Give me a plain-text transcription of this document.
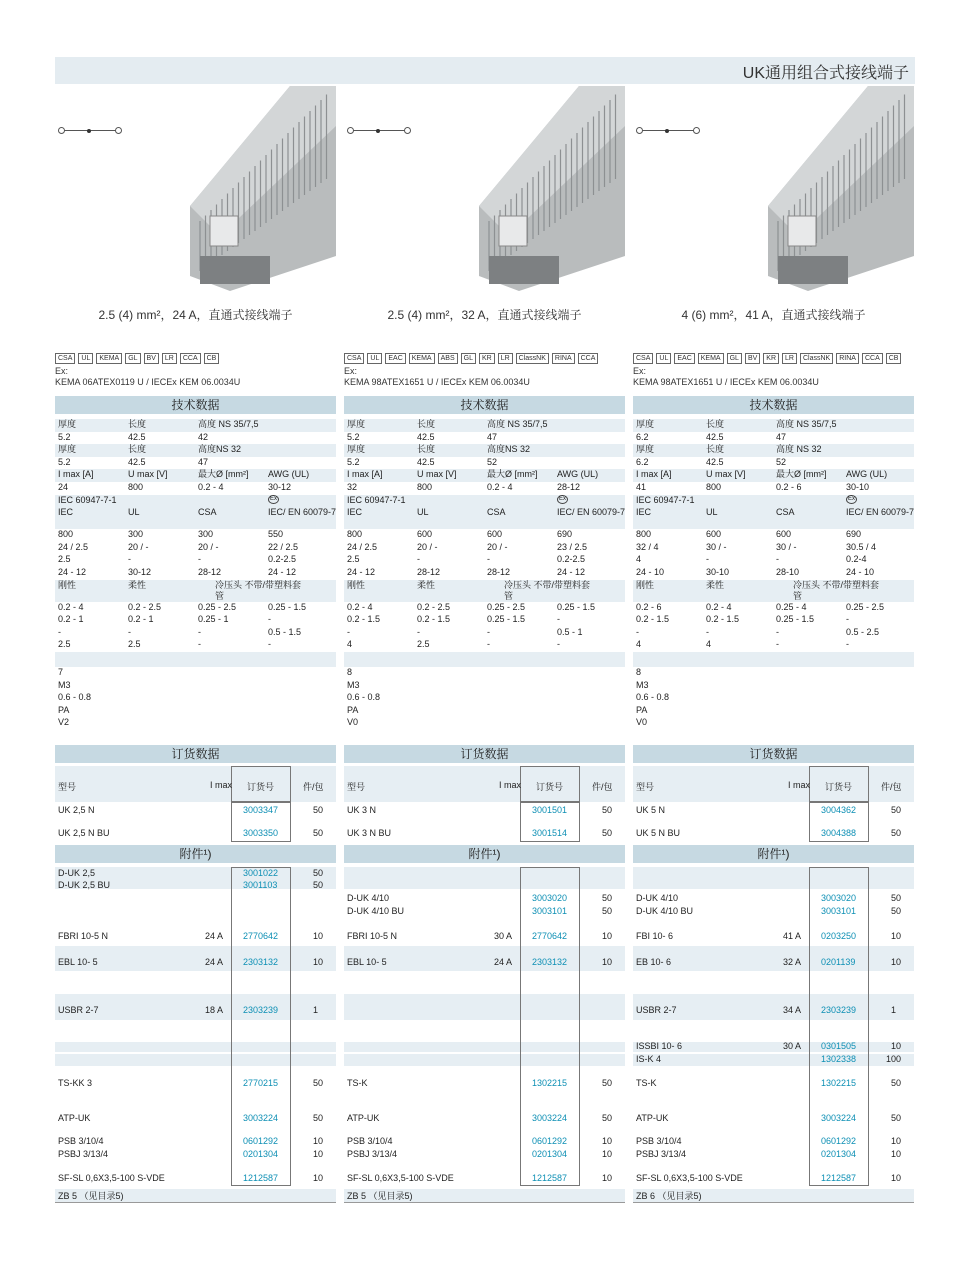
UK通用组合式接线端子
2.5 (4) mm²，24 A，直通式接线端子
CSA UL KEMA GL BV LR CCA CB
Ex:
KEMA 06ATEX0119 U / IECEx KEM 06.0034U
技术数据
厚度	长度	高度 NS 35/7,5
5.2	42.5	42
厚度	长度	高度NS 32
5.2	42.5	47
I max [A]	U max [V]	最大Ø [mm²] AWG (UL)
24	800	0.2 - 4	30-12
IEC 60947-7-1	Ex
IEC	UL	CSA	IEC/ EN 60079-7
800	300	300	550
24 / 2.5	20 / -	20 / -	22 / 2.5
2.5	-	-	0.2-2.5
24 - 12	30-12	28-12	24 - 12
刚性	柔性	冷压头 不带/带塑料套管
0.2 - 4	0.2 - 2.5	0.25 - 2.5	0.25 - 1.5
0.2 - 1	0.2 - 1	0.25 - 1	-
-	-	-	0.5 - 1.5
2.5	2.5	-	-
7
M3
0.6 - 0.8
PA
V2
订货数据
型号	I max 订货号	件/包
UK 2,5 N	3003347	50
UK 2,5 N BU	3003350	50
附件¹)
D-UK 2,5	3001022	50
D-UK 2,5 BU	3001103	50
FBRI 10-5 N	24 A 2770642	10
EBL 10- 5	24 A 2303132	10
USBR 2-7	18 A 2303239	1
TS-KK 3	2770215	50
ATP-UK	3003224	50
PSB 3/10/4	0601292	10
PSBJ 3/13/4	0201304	10
SF-SL 0,6X3,5-100 S-VDE	1212587	10
ZB 5 （见目录5)
2.5 (4) mm²，32 A，直通式接线端子
CSA UL EAC KEMA ABS GL KR LR ClassNK RINA CCA
Ex:
KEMA 98ATEX1651 U / IECEx KEM 06.0034U
技术数据
厚度	长度	高度 NS 35/7,5
5.2	42.5	47
厚度	长度	高度NS 32
5.2	42.5	52
I max [A]	U max [V]	最大Ø [mm²] AWG (UL)
32	800	0.2 - 4	28-12
IEC 60947-7-1	Ex
IEC	UL	CSA	IEC/ EN 60079-7
800	600	600	690
24 / 2.5	20 / -	20 / -	23 / 2.5
2.5	-	-	0.2-2.5
24 - 12	28-12	28-12	24 - 12
刚性	柔性	冷压头 不带/带塑料套管
0.2 - 4	0.2 - 2.5	0.25 - 2.5	0.25 - 1.5
0.2 - 1.5	0.2 - 1.5	0.25 - 1.5	-
-	-	-	0.5 - 1
4	2.5	-	-
8
M3
0.6 - 0.8
PA
V0
订货数据
型号	I max 订货号	件/包
UK 3 N	3001501	50
UK 3 N BU	3001514	50
附件¹)
D-UK 4/10	3003020	50
D-UK 4/10 BU	3003101	50
FBRI 10-5 N	30 A 2770642	10
EBL 10- 5	24 A 2303132	10
TS-K	1302215	50
ATP-UK	3003224	50
PSB 3/10/4	0601292	10
PSBJ 3/13/4	0201304	10
SF-SL 0,6X3,5-100 S-VDE	1212587	10
ZB 5 （见目录5)
4 (6) mm²，41 A，直通式接线端子
CSA UL EAC KEMA GL BV KR LR ClassNK RINA CCA CB
Ex:
KEMA 98ATEX1651 U / IECEx KEM 06.0034U
技术数据
厚度	长度	高度 NS 35/7,5
6.2	42.5	47
厚度	长度	高度 NS 32
6.2	42.5	52
I max [A]	U max [V]	最大Ø [mm²] AWG (UL)
41	800	0.2 - 6	30-10
IEC 60947-7-1	Ex
IEC	UL	CSA	IEC/ EN 60079-7
800	600	600	690
32 / 4	30 / -	30 / -	30.5 / 4
4	-	-	0.2-4
24 - 10	30-10	28-10	24 - 10
刚性	柔性	冷压头 不带/带塑料套管
0.2 - 6	0.2 - 4	0.25 - 4	0.25 - 2.5
0.2 - 1.5	0.2 - 1.5	0.25 - 1.5	-
-	-	-	0.5 - 2.5
4	4	-	-
8
M3
0.6 - 0.8
PA
V0
订货数据
型号	I max 订货号	件/包
UK 5 N	3004362	50
UK 5 N BU	3004388	50
附件¹)
D-UK 4/10	3003020	50
D-UK 4/10 BU	3003101	50
FBI 10- 6	41 A 0203250	10
EB 10- 6	32 A 0201139	10
USBR 2-7	34 A 2303239	1
ISSBI 10- 6	30 A 0301505	10
IS-K 4	1302338	100
TS-K	1302215	50
ATP-UK	3003224	50
PSB 3/10/4	0601292	10
PSBJ 3/13/4	0201304	10
SF-SL 0,6X3,5-100 S-VDE	1212587	10
ZB 6 （见目录5)
